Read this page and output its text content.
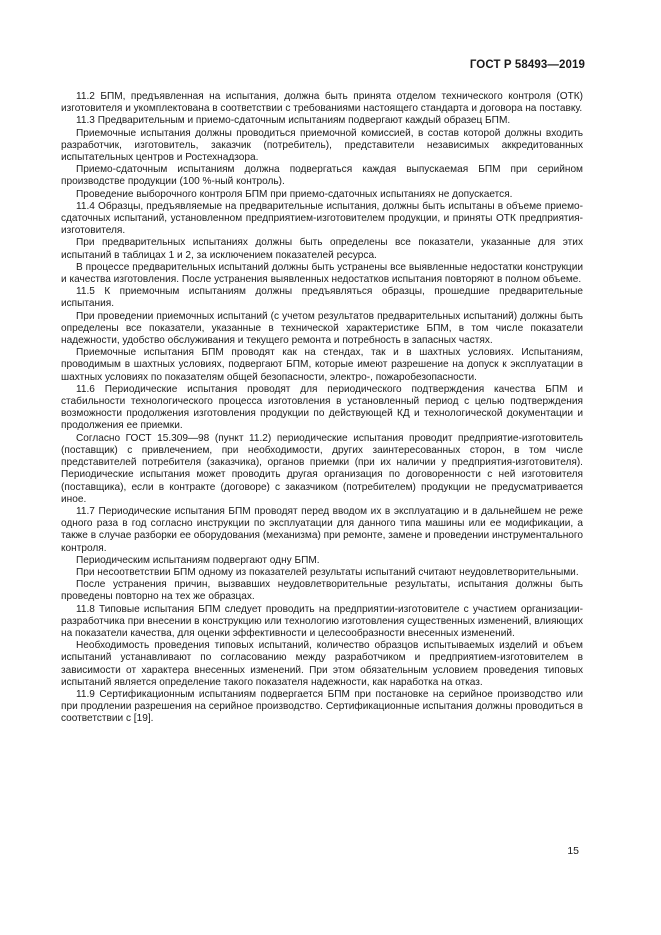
ГОСТ Р 58493—2019

11.2 БПМ, предъявленная на испытания, должна быть принята отделом технического контроля (ОТК) изготовителя и укомплектована в соответствии с требованиями настоящего стандарта и договора на поставку.

11.3 Предварительным и приемо-сдаточным испытаниям подвергают каждый образец БПМ.

Приемочные испытания должны проводиться приемочной комиссией, в состав которой должны входить разработчик, изготовитель, заказчик (потребитель), представители независимых аккредитованных испытательных центров и Ростехнадзора.

Приемо-сдаточным испытаниям должна подвергаться каждая выпускаемая БПМ при серийном производстве продукции (100 %-ный контроль).

Проведение выборочного контроля БПМ при приемо-сдаточных испытаниях не допускается.

11.4 Образцы, предъявляемые на предварительные испытания, должны быть испытаны в объеме приемо-сдаточных испытаний, установленном предприятием-изготовителем продукции, и приняты ОТК предприятия-изготовителя.

При предварительных испытаниях должны быть определены все показатели, указанные для этих испытаний в таблицах 1 и 2, за исключением показателей ресурса.

В процессе предварительных испытаний должны быть устранены все выявленные недостатки конструкции и качества изготовления. После устранения выявленных недостатков испытания повторяют в полном объеме.

11.5 К приемочным испытаниям должны предъявляться образцы, прошедшие предварительные испытания.

При проведении приемочных испытаний (с учетом результатов предварительных испытаний) должны быть определены все показатели, указанные в технической характеристике БПМ, в том числе показатели надежности, удобство обслуживания и текущего ремонта и потребность в запасных частях.

Приемочные испытания БПМ проводят как на стендах, так и в шахтных условиях. Испытаниям, проводимым в шахтных условиях, подвергают БПМ, которые имеют разрешение на допуск к эксплуатации в шахтных условиях по показателям общей безопасности, электро-, пожаробезопасности.

11.6 Периодические испытания проводят для периодического подтверждения качества БПМ и стабильности технологического процесса изготовления в установленный период с целью подтверждения возможности продолжения изготовления продукции по действующей КД и технологической документации и продолжения ее приемки.

Согласно ГОСТ 15.309—98 (пункт 11.2) периодические испытания проводит предприятие-изготовитель (поставщик) с привлечением, при необходимости, других заинтересованных сторон, в том числе представителей потребителя (заказчика), органов приемки (при их наличии у предприятия-изготовителя). Периодические испытания может проводить другая организация по договоренности с ней изготовителя (поставщика), если в контракте (договоре) с заказчиком (потребителем) продукции не предусматривается иное.

11.7 Периодические испытания БПМ проводят перед вводом их в эксплуатацию и в дальнейшем не реже одного раза в год согласно инструкции по эксплуатации для данного типа машины или ее модификации, а также в случае разборки ее оборудования (механизма) при ремонте, замене и проведении инструментального контроля.

Периодическим испытаниям подвергают одну БПМ.

При несоответствии БПМ одному из показателей результаты испытаний считают неудовлетворительными.

После устранения причин, вызвавших неудовлетворительные результаты, испытания должны быть проведены повторно на тех же образцах.

11.8 Типовые испытания БПМ следует проводить на предприятии-изготовителе с участием организации-разработчика при внесении в конструкцию или технологию изготовления существенных изменений, влияющих на показатели качества, для оценки эффективности и целесообразности внесенных изменений.

Необходимость проведения типовых испытаний, количество образцов испытываемых изделий и объем испытаний устанавливают по согласованию между разработчиком и предприятием-изготовителем в зависимости от характера внесенных изменений. При этом обязательным условием проведения типовых испытаний является определение такого показателя надежности, как наработка на отказ.

11.9 Сертификационным испытаниям подвергается БПМ при постановке на серийное производство или при продлении разрешения на серийное производство. Сертификационные испытания должны проводиться в соответствии с [19].

15
